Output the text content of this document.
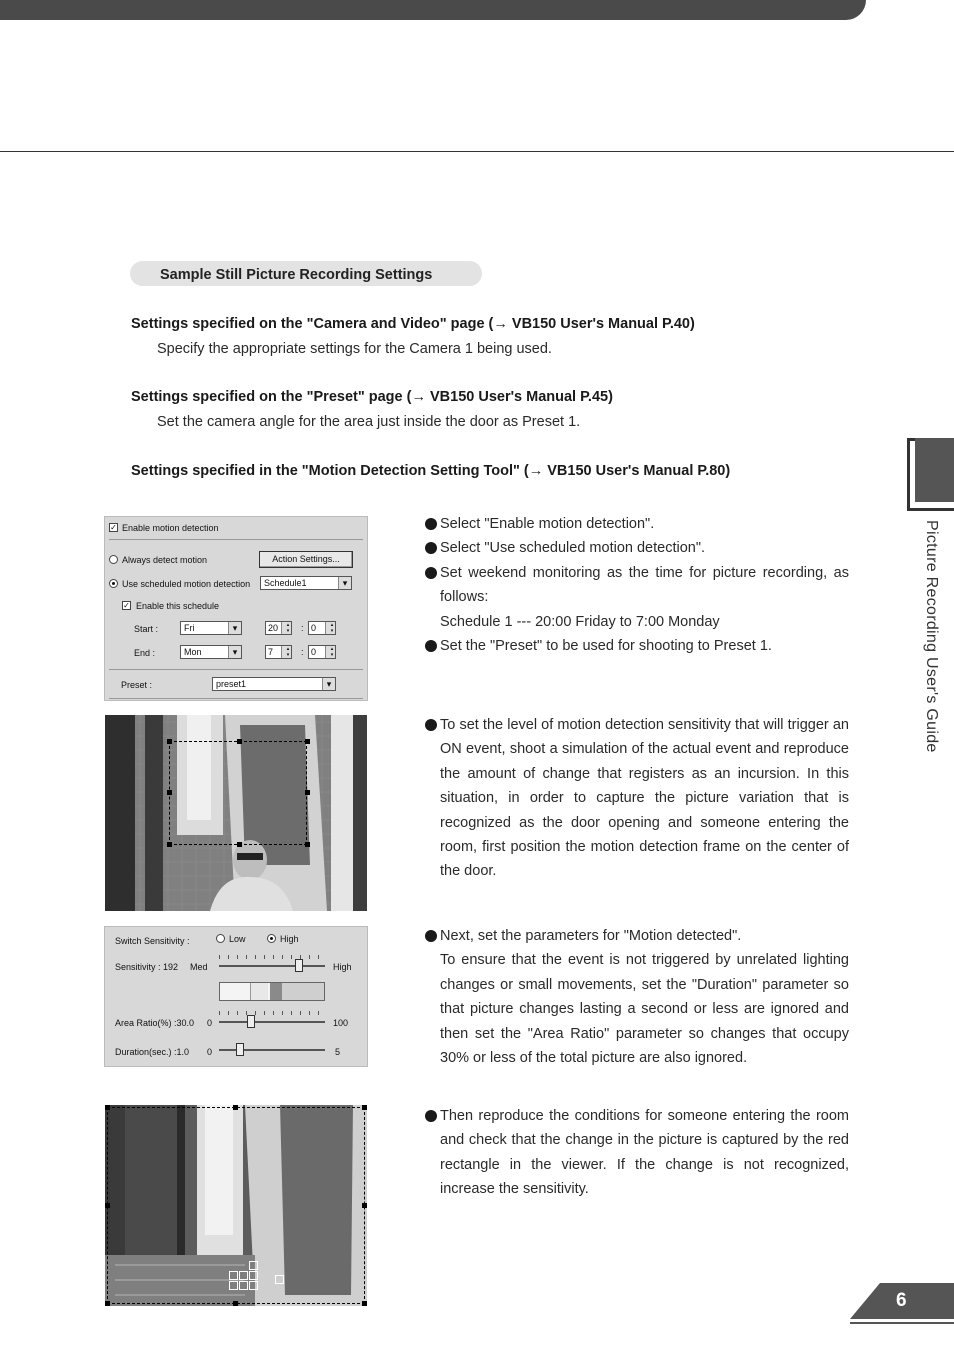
Sample Still Picture Recording Settings
Settings specified on the "Camera and Video" page (→ VB150 User's Manual P.40)
Specify the appropriate settings for the Camera 1 being used.
Settings specified on the "Preset" page (→ VB150 User's Manual P.45)
Set the camera angle for the area just inside the door as Preset 1.
Settings specified in the "Motion Detection Setting Tool" (→ VB150 User's Manual P.80)
✓ Enable motion detection
Always detect motion	Action Settings...
Use scheduled motion detection	Schedule1 ▾
✓ Enable this schedule
Start :	Fri ▾	20 ▴▾	: 0 ▴▾
End :	Mon ▾	7 ▴▾	: 0 ▴▾
Preset :	preset1 ▾
Switch Sensitivity :	Low	High
Sensitivity : 192 Med	High
Area Ratio(%) :30.0 0	100
Duration(sec.) :1.0 0	5
Select "Enable motion detection".
Select "Use scheduled motion detection".
Set weekend monitoring as the time for picture recording, as follows:
Schedule 1 --- 20:00 Friday to 7:00 Monday
Set the "Preset" to be used for shooting to Preset 1.
To set the level of motion detection sensitivity that will trigger an ON event, shoot a simulation of the actual event and reproduce the amount of change that registers as an incursion. In this situation, in order to capture the picture variation that is recognized as the door opening and someone entering the room, first position the motion detection frame on the center of the door.
Next, set the parameters for "Motion detected".
To ensure that the event is not triggered by unrelated lighting changes or small movements, set the "Duration" parameter so that picture changes lasting a second or less are ignored and then set the "Area Ratio" parameter so changes that occupy 30% or less of the total picture are also ignored.
Then reproduce the conditions for someone entering the room and check that the change in the picture is captured by the red rectangle in the viewer. If the change is not recognized, increase the sensitivity.
Picture Recording User's Guide
6
